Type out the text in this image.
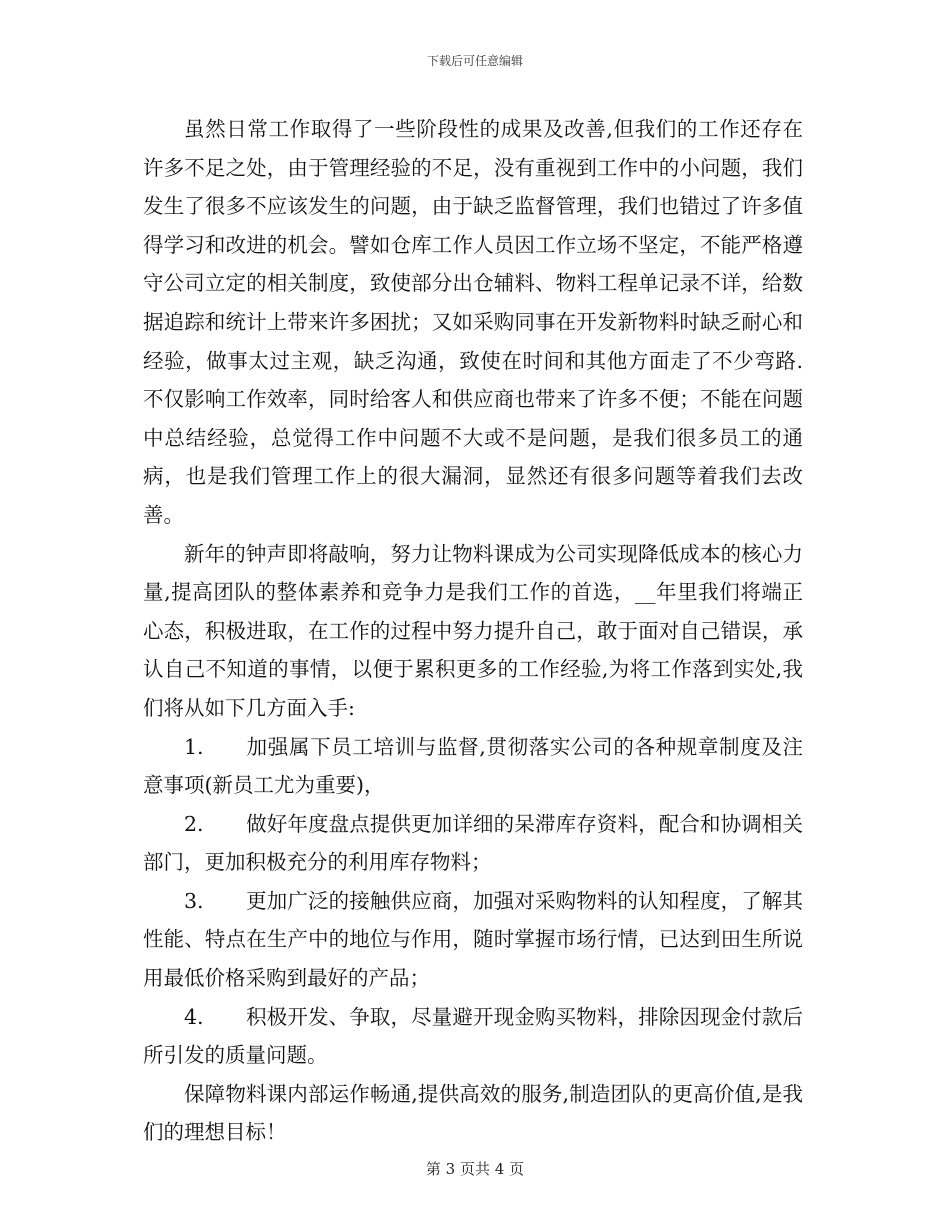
下载后可任意编辑

虽然日常工作取得了一些阶段性的成果及改善,但我们的工作还存在许多不足之处，由于管理经验的不足，没有重视到工作中的小问题，我们发生了很多不应该发生的问题，由于缺乏监督管理，我们也错过了许多值得学习和改进的机会。譬如仓库工作人员因工作立场不坚定，不能严格遵守公司立定的相关制度，致使部分出仓辅料、物料工程单记录不详，给数据追踪和统计上带来许多困扰；又如采购同事在开发新物料时缺乏耐心和经验，做事太过主观，缺乏沟通，致使在时间和其他方面走了不少弯路.不仅影响工作效率，同时给客人和供应商也带来了许多不便；不能在问题中总结经验，总觉得工作中问题不大或不是问题，是我们很多员工的通病，也是我们管理工作上的很大漏洞，显然还有很多问题等着我们去改善。

新年的钟声即将敲响，努力让物料课成为公司实现降低成本的核心力量,提高团队的整体素养和竞争力是我们工作的首选，__年里我们将端正心态，积极进取，在工作的过程中努力提升自己，敢于面对自己错误，承认自己不知道的事情，以便于累积更多的工作经验,为将工作落到实处,我们将从如下几方面入手:

1. 加强属下员工培训与监督,贯彻落实公司的各种规章制度及注意事项(新员工尤为重要)，
2. 做好年度盘点提供更加详细的呆滞库存资料，配合和协调相关部门，更加积极充分的利用库存物料；
3. 更加广泛的接触供应商，加强对采购物料的认知程度，了解其性能、特点在生产中的地位与作用，随时掌握市场行情，已达到田生所说用最低价格采购到最好的产品；
4. 积极开发、争取，尽量避开现金购买物料，排除因现金付款后所引发的质量问题。

保障物料课内部运作畅通,提供高效的服务,制造团队的更高价值,是我们的理想目标！

第 3 页共 4 页
